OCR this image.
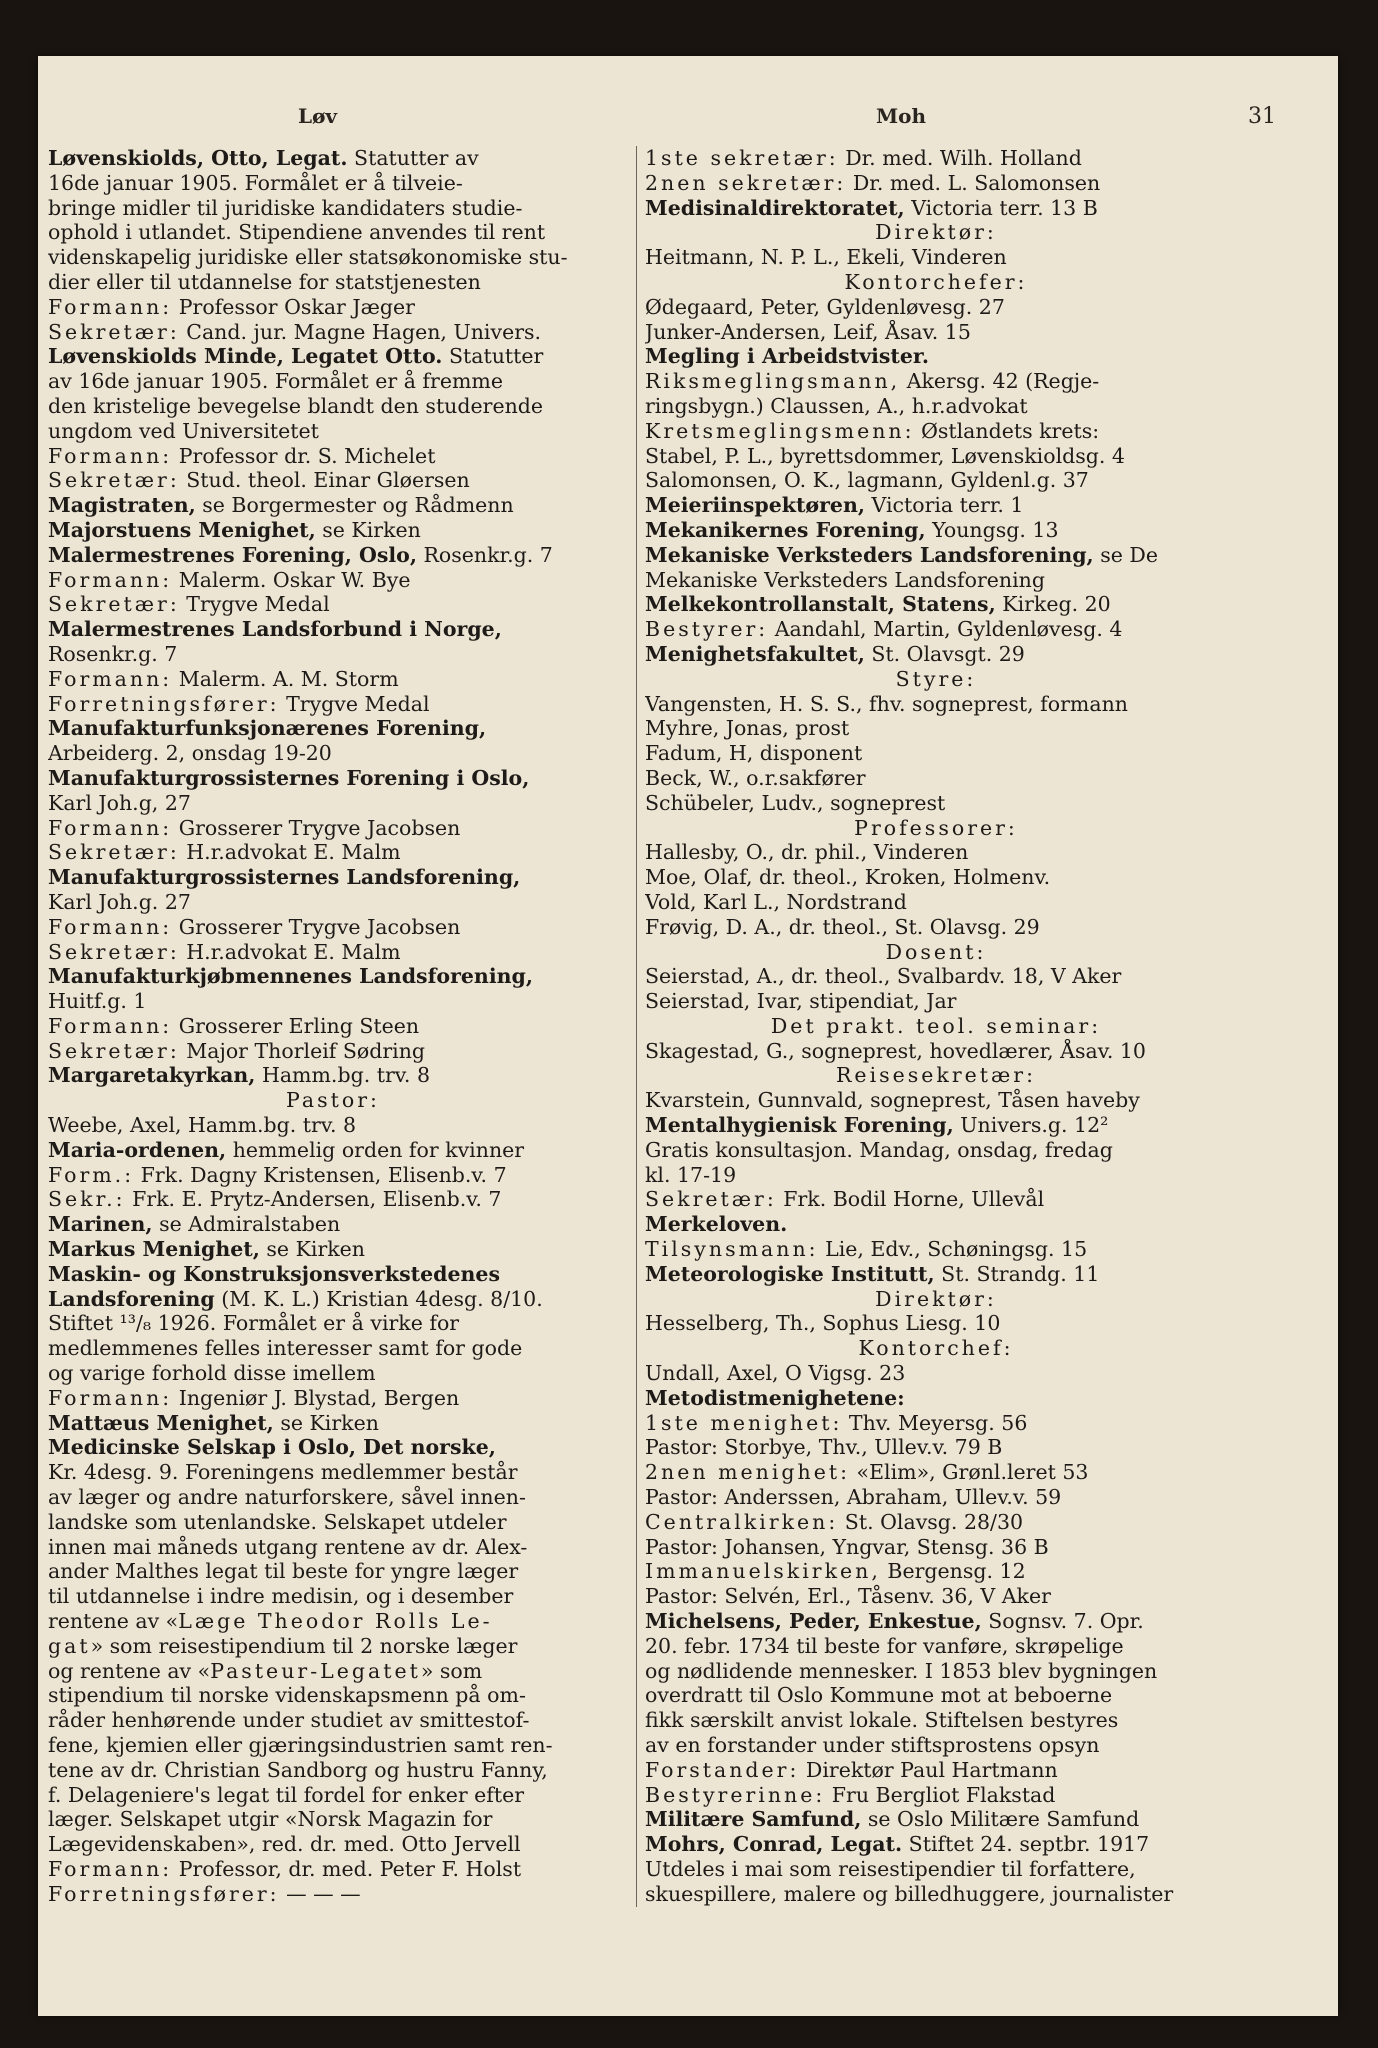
Løv	Moh	31
Løvenskiolds, Otto, Legat. Statutter av
16de januar 1905. Formålet er å tilveie-
bringe midler til juridiske kandidaters studie-
ophold i utlandet. Stipendiene anvendes til rent
videnskapelig juridiske eller statsøkonomiske stu-
dier eller til utdannelse for statstjenesten
Formann: Professor Oskar Jæger
Sekretær: Cand. jur. Magne Hagen, Univers.
Løvenskiolds Minde, Legatet Otto. Statutter
av 16de januar 1905. Formålet er å fremme
den kristelige bevegelse blandt den studerende
ungdom ved Universitetet
Formann: Professor dr. S. Michelet
Sekretær: Stud. theol. Einar Gløersen
Magistraten, se Borgermester og Rådmenn
Majorstuens Menighet, se Kirken
Malermestrenes Forening, Oslo, Rosenkr.g. 7
Formann: Malerm. Oskar W. Bye
Sekretær: Trygve Medal
Malermestrenes Landsforbund i Norge,
Rosenkr.g. 7
Formann: Malerm. A. M. Storm
Forretningsfører: Trygve Medal
Manufakturfunksjonærenes Forening,
Arbeiderg. 2, onsdag 19-20
Manufakturgrossisternes Forening i Oslo,
Karl Joh.g, 27
Formann: Grosserer Trygve Jacobsen
Sekretær: H.r.advokat E. Malm
Manufakturgrossisternes Landsforening,
Karl Joh.g. 27
Formann: Grosserer Trygve Jacobsen
Sekretær: H.r.advokat E. Malm
Manufakturkjøbmennenes Landsforening,
Huitf.g. 1
Formann: Grosserer Erling Steen
Sekretær: Major Thorleif Sødring
Margaretakyrkan, Hamm.bg. trv. 8
Pastor:
Weebe, Axel, Hamm.bg. trv. 8
Maria-ordenen, hemmelig orden for kvinner
Form.: Frk. Dagny Kristensen, Elisenb.v. 7
Sekr.: Frk. E. Prytz-Andersen, Elisenb.v. 7
Marinen, se Admiralstaben
Markus Menighet, se Kirken
Maskin- og Konstruksjonsverkstedenes
Landsforening (M. K. L.) Kristian 4desg. 8/10.
Stiftet ¹³/₈ 1926. Formålet er å virke for
medlemmenes felles interesser samt for gode
og varige forhold disse imellem
Formann: Ingeniør J. Blystad, Bergen
Mattæus Menighet, se Kirken
Medicinske Selskap i Oslo, Det norske,
Kr. 4desg. 9. Foreningens medlemmer består
av læger og andre naturforskere, såvel innen-
landske som utenlandske. Selskapet utdeler
innen mai måneds utgang rentene av dr. Alex-
ander Malthes legat til beste for yngre læger
til utdannelse i indre medisin, og i desember
rentene av «Læge Theodor Rolls Le-
gat» som reisestipendium til 2 norske læger
og rentene av «Pasteur-Legatet» som
stipendium til norske videnskapsmenn på om-
råder henhørende under studiet av smittestof-
fene, kjemien eller gjæringsindustrien samt ren-
tene av dr. Christian Sandborg og hustru Fanny,
f. Delageniere's legat til fordel for enker efter
læger. Selskapet utgir «Norsk Magazin for
Lægevidenskaben», red. dr. med. Otto Jervell
Formann: Professor, dr. med. Peter F. Holst
Forretningsfører: — — —
1ste sekretær: Dr. med. Wilh. Holland
2nen sekretær: Dr. med. L. Salomonsen
Medisinaldirektoratet, Victoria terr. 13 B
Direktør:
Heitmann, N. P. L., Ekeli, Vinderen
Kontorchefer:
Ødegaard, Peter, Gyldenløvesg. 27
Junker-Andersen, Leif, Åsav. 15
Megling i Arbeidstvister.
Riksmeglingsmann, Akersg. 42 (Regje-
ringsbygn.) Claussen, A., h.r.advokat
Kretsmeglingsmenn: Østlandets krets:
Stabel, P. L., byrettsdommer, Løvenskioldsg. 4
Salomonsen, O. K., lagmann, Gyldenl.g. 37
Meieriinspektøren, Victoria terr. 1
Mekanikernes Forening, Youngsg. 13
Mekaniske Verksteders Landsforening, se De
Mekaniske Verksteders Landsforening
Melkekontrollanstalt, Statens, Kirkeg. 20
Bestyrer: Aandahl, Martin, Gyldenløvesg. 4
Menighetsfakultet, St. Olavsgt. 29
Styre:
Vangensten, H. S. S., fhv. sogneprest, formann
Myhre, Jonas, prost
Fadum, H, disponent
Beck, W., o.r.sakfører
Schübeler, Ludv., sogneprest
Professorer:
Hallesby, O., dr. phil., Vinderen
Moe, Olaf, dr. theol., Kroken, Holmenv.
Vold, Karl L., Nordstrand
Frøvig, D. A., dr. theol., St. Olavsg. 29
Dosent:
Seierstad, A., dr. theol., Svalbardv. 18, V Aker
Seierstad, Ivar, stipendiat, Jar
Det prakt. teol. seminar:
Skagestad, G., sogneprest, hovedlærer, Åsav. 10
Reisesekretær:
Kvarstein, Gunnvald, sogneprest, Tåsen haveby
Mentalhygienisk Forening, Univers.g. 12²
Gratis konsultasjon. Mandag, onsdag, fredag
kl. 17-19
Sekretær: Frk. Bodil Horne, Ullevål
Merkeloven.
Tilsynsmann: Lie, Edv., Schøningsg. 15
Meteorologiske Institutt, St. Strandg. 11
Direktør:
Hesselberg, Th., Sophus Liesg. 10
Kontorchef:
Undall, Axel, O Vigsg. 23
Metodistmenighetene:
1ste menighet: Thv. Meyersg. 56
Pastor: Storbye, Thv., Ullev.v. 79 B
2nen menighet: «Elim», Grønl.leret 53
Pastor: Anderssen, Abraham, Ullev.v. 59
Centralkirken: St. Olavsg. 28/30
Pastor: Johansen, Yngvar, Stensg. 36 B
Immanuelskirken, Bergensg. 12
Pastor: Selvén, Erl., Tåsenv. 36, V Aker
Michelsens, Peder, Enkestue, Sognsv. 7. Opr.
20. febr. 1734 til beste for vanføre, skrøpelige
og nødlidende mennesker. I 1853 blev bygningen
overdratt til Oslo Kommune mot at beboerne
fikk særskilt anvist lokale. Stiftelsen bestyres
av en forstander under stiftsprostens opsyn
Forstander: Direktør Paul Hartmann
Bestyrerinne: Fru Bergliot Flakstad
Militære Samfund, se Oslo Militære Samfund
Mohrs, Conrad, Legat. Stiftet 24. septbr. 1917
Utdeles i mai som reisestipendier til forfattere,
skuespillere, malere og billedhuggere, journalister
